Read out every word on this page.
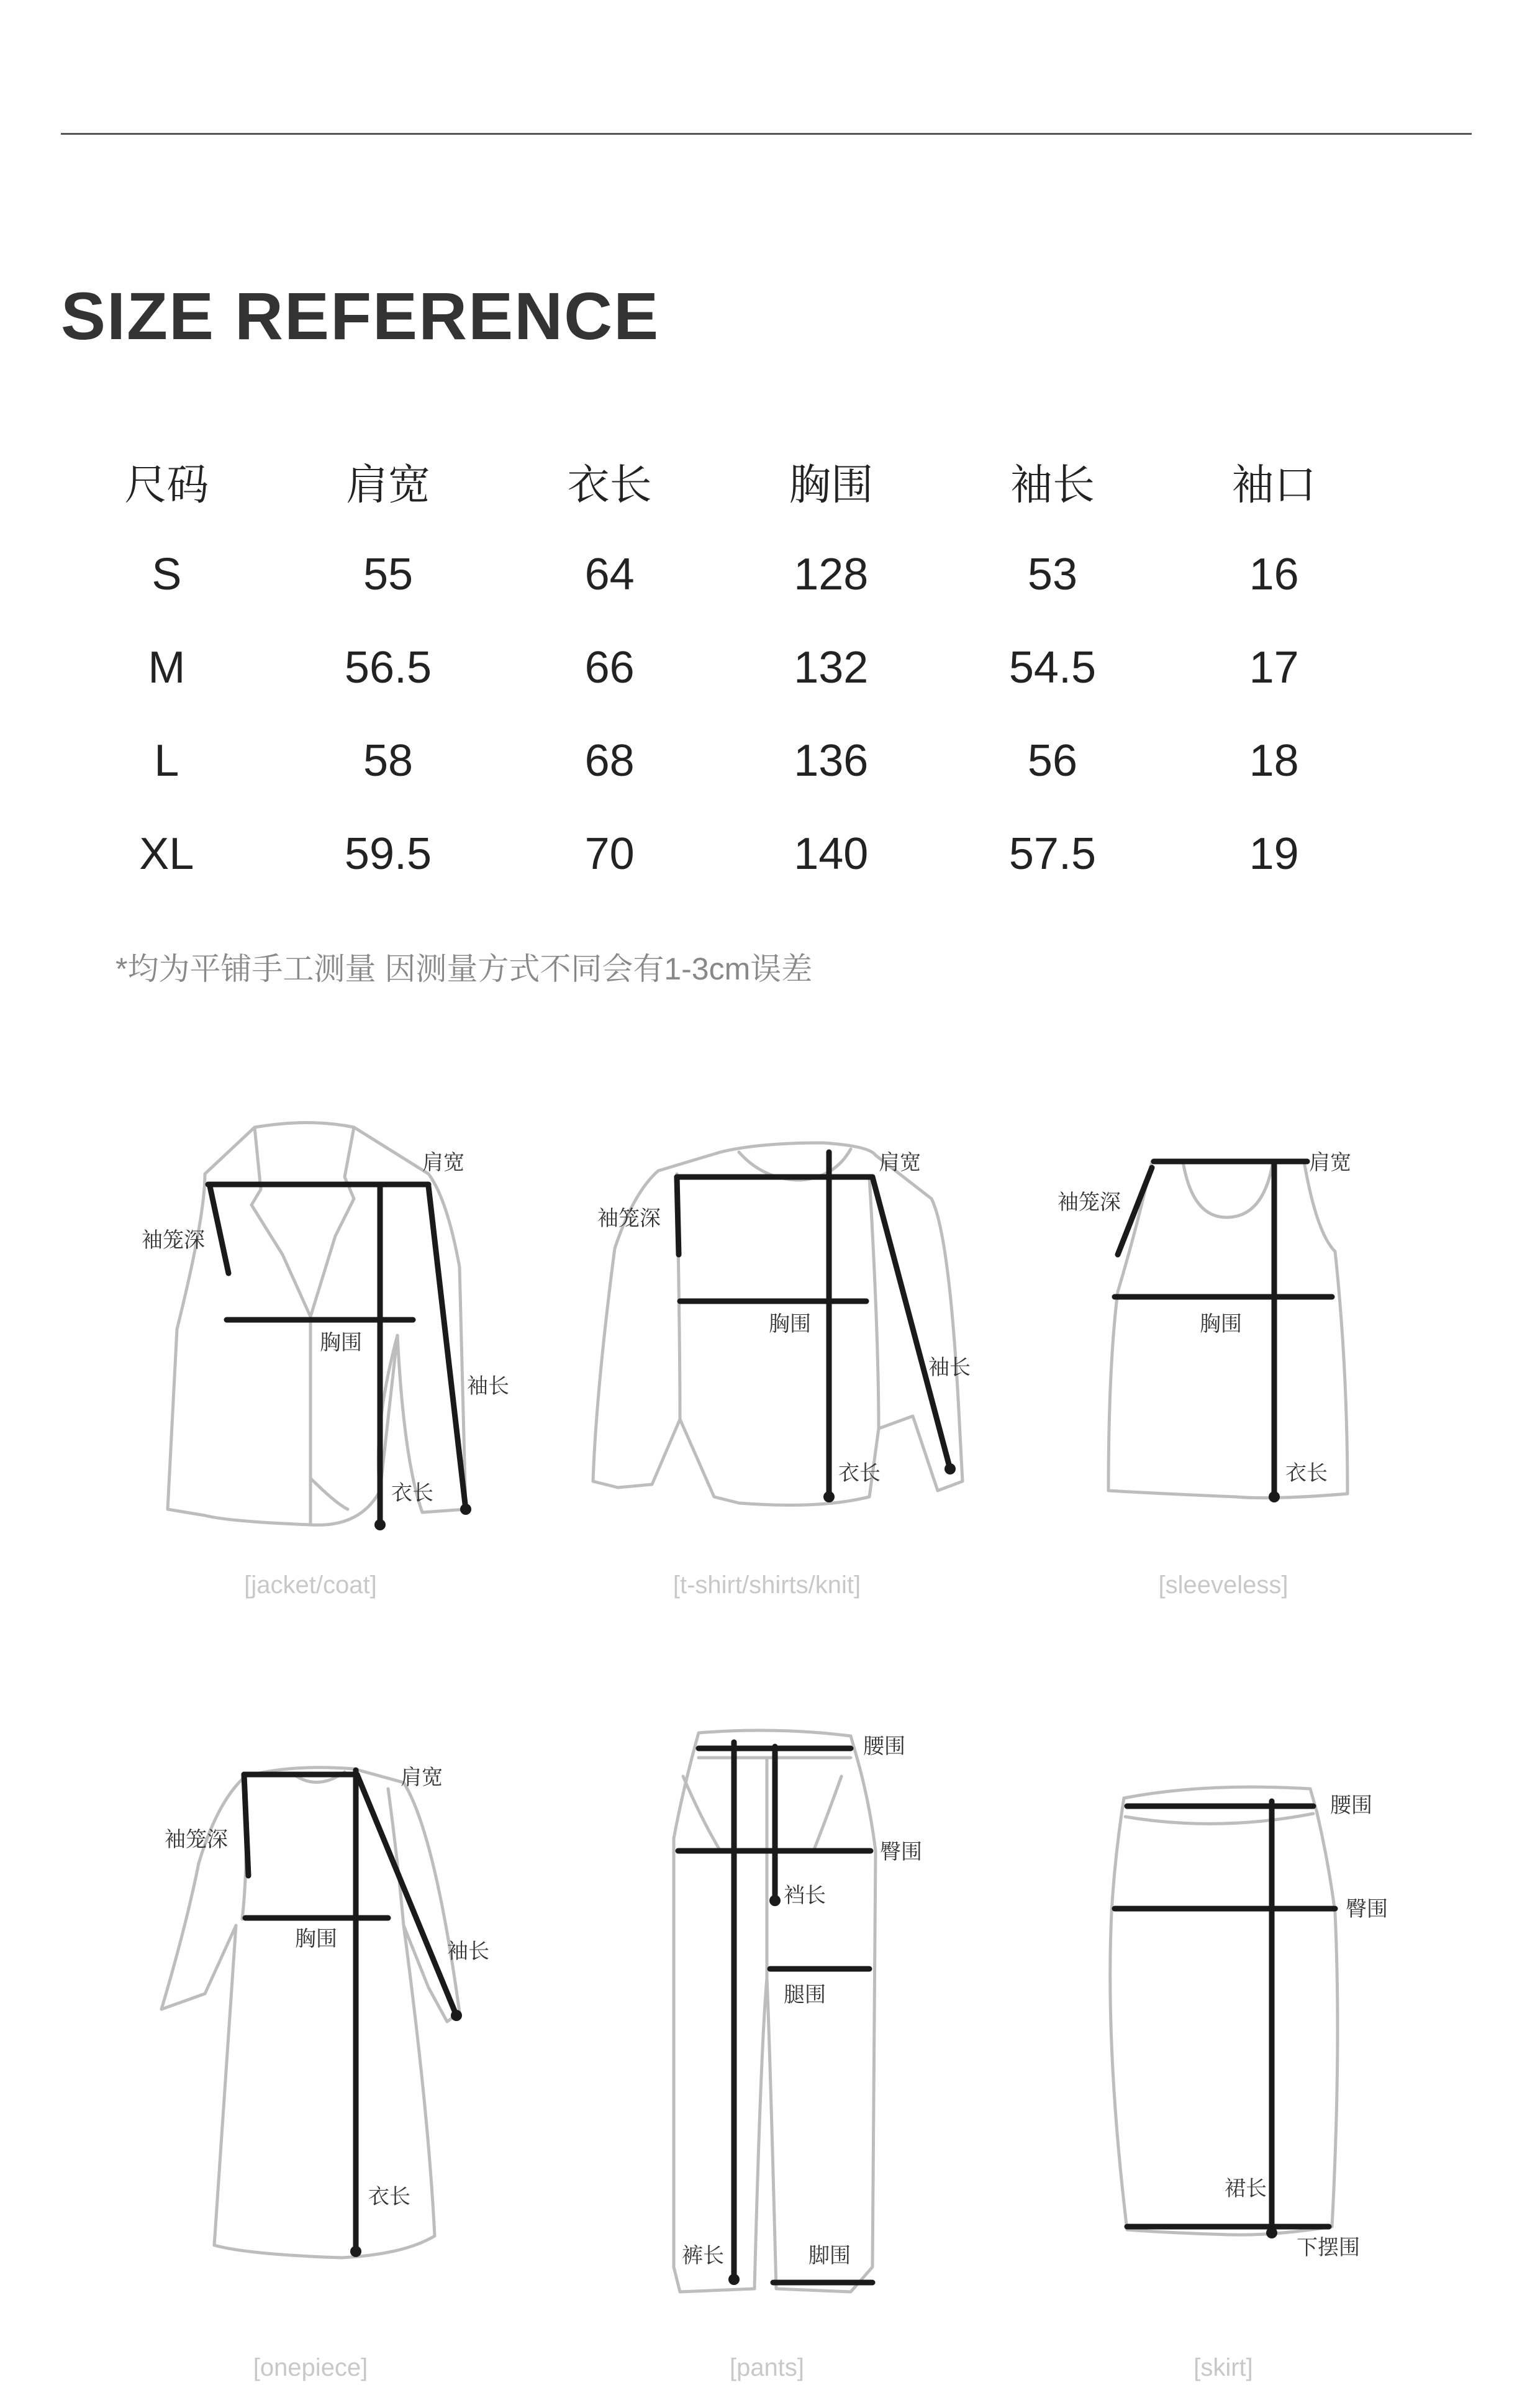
SIZE REFERENCE
尺码	肩宽	衣长	胸围	袖长	袖口
S	55	64	128	53	16
M	56.5	66	132	54.5	17
L	58	68	136	56	18
XL	59.5	70	140	57.5	19
*均为平铺手工测量 因测量方式不同会有1-3cm误差
肩宽
袖笼深
胸围
袖长
衣长
肩宽
袖笼深
胸围
袖长
衣长
肩宽
袖笼深
胸围
衣长
肩宽
袖笼深
胸围	袖长
衣长
腰围
臀围
裆长
腿围
裤长	脚围
腰围
臀围
裙长
下摆围
[jacket/coat]	[t-shirt/shirts/knit]	[sleeveless]
[onepiece]	[pants]	[skirt]
